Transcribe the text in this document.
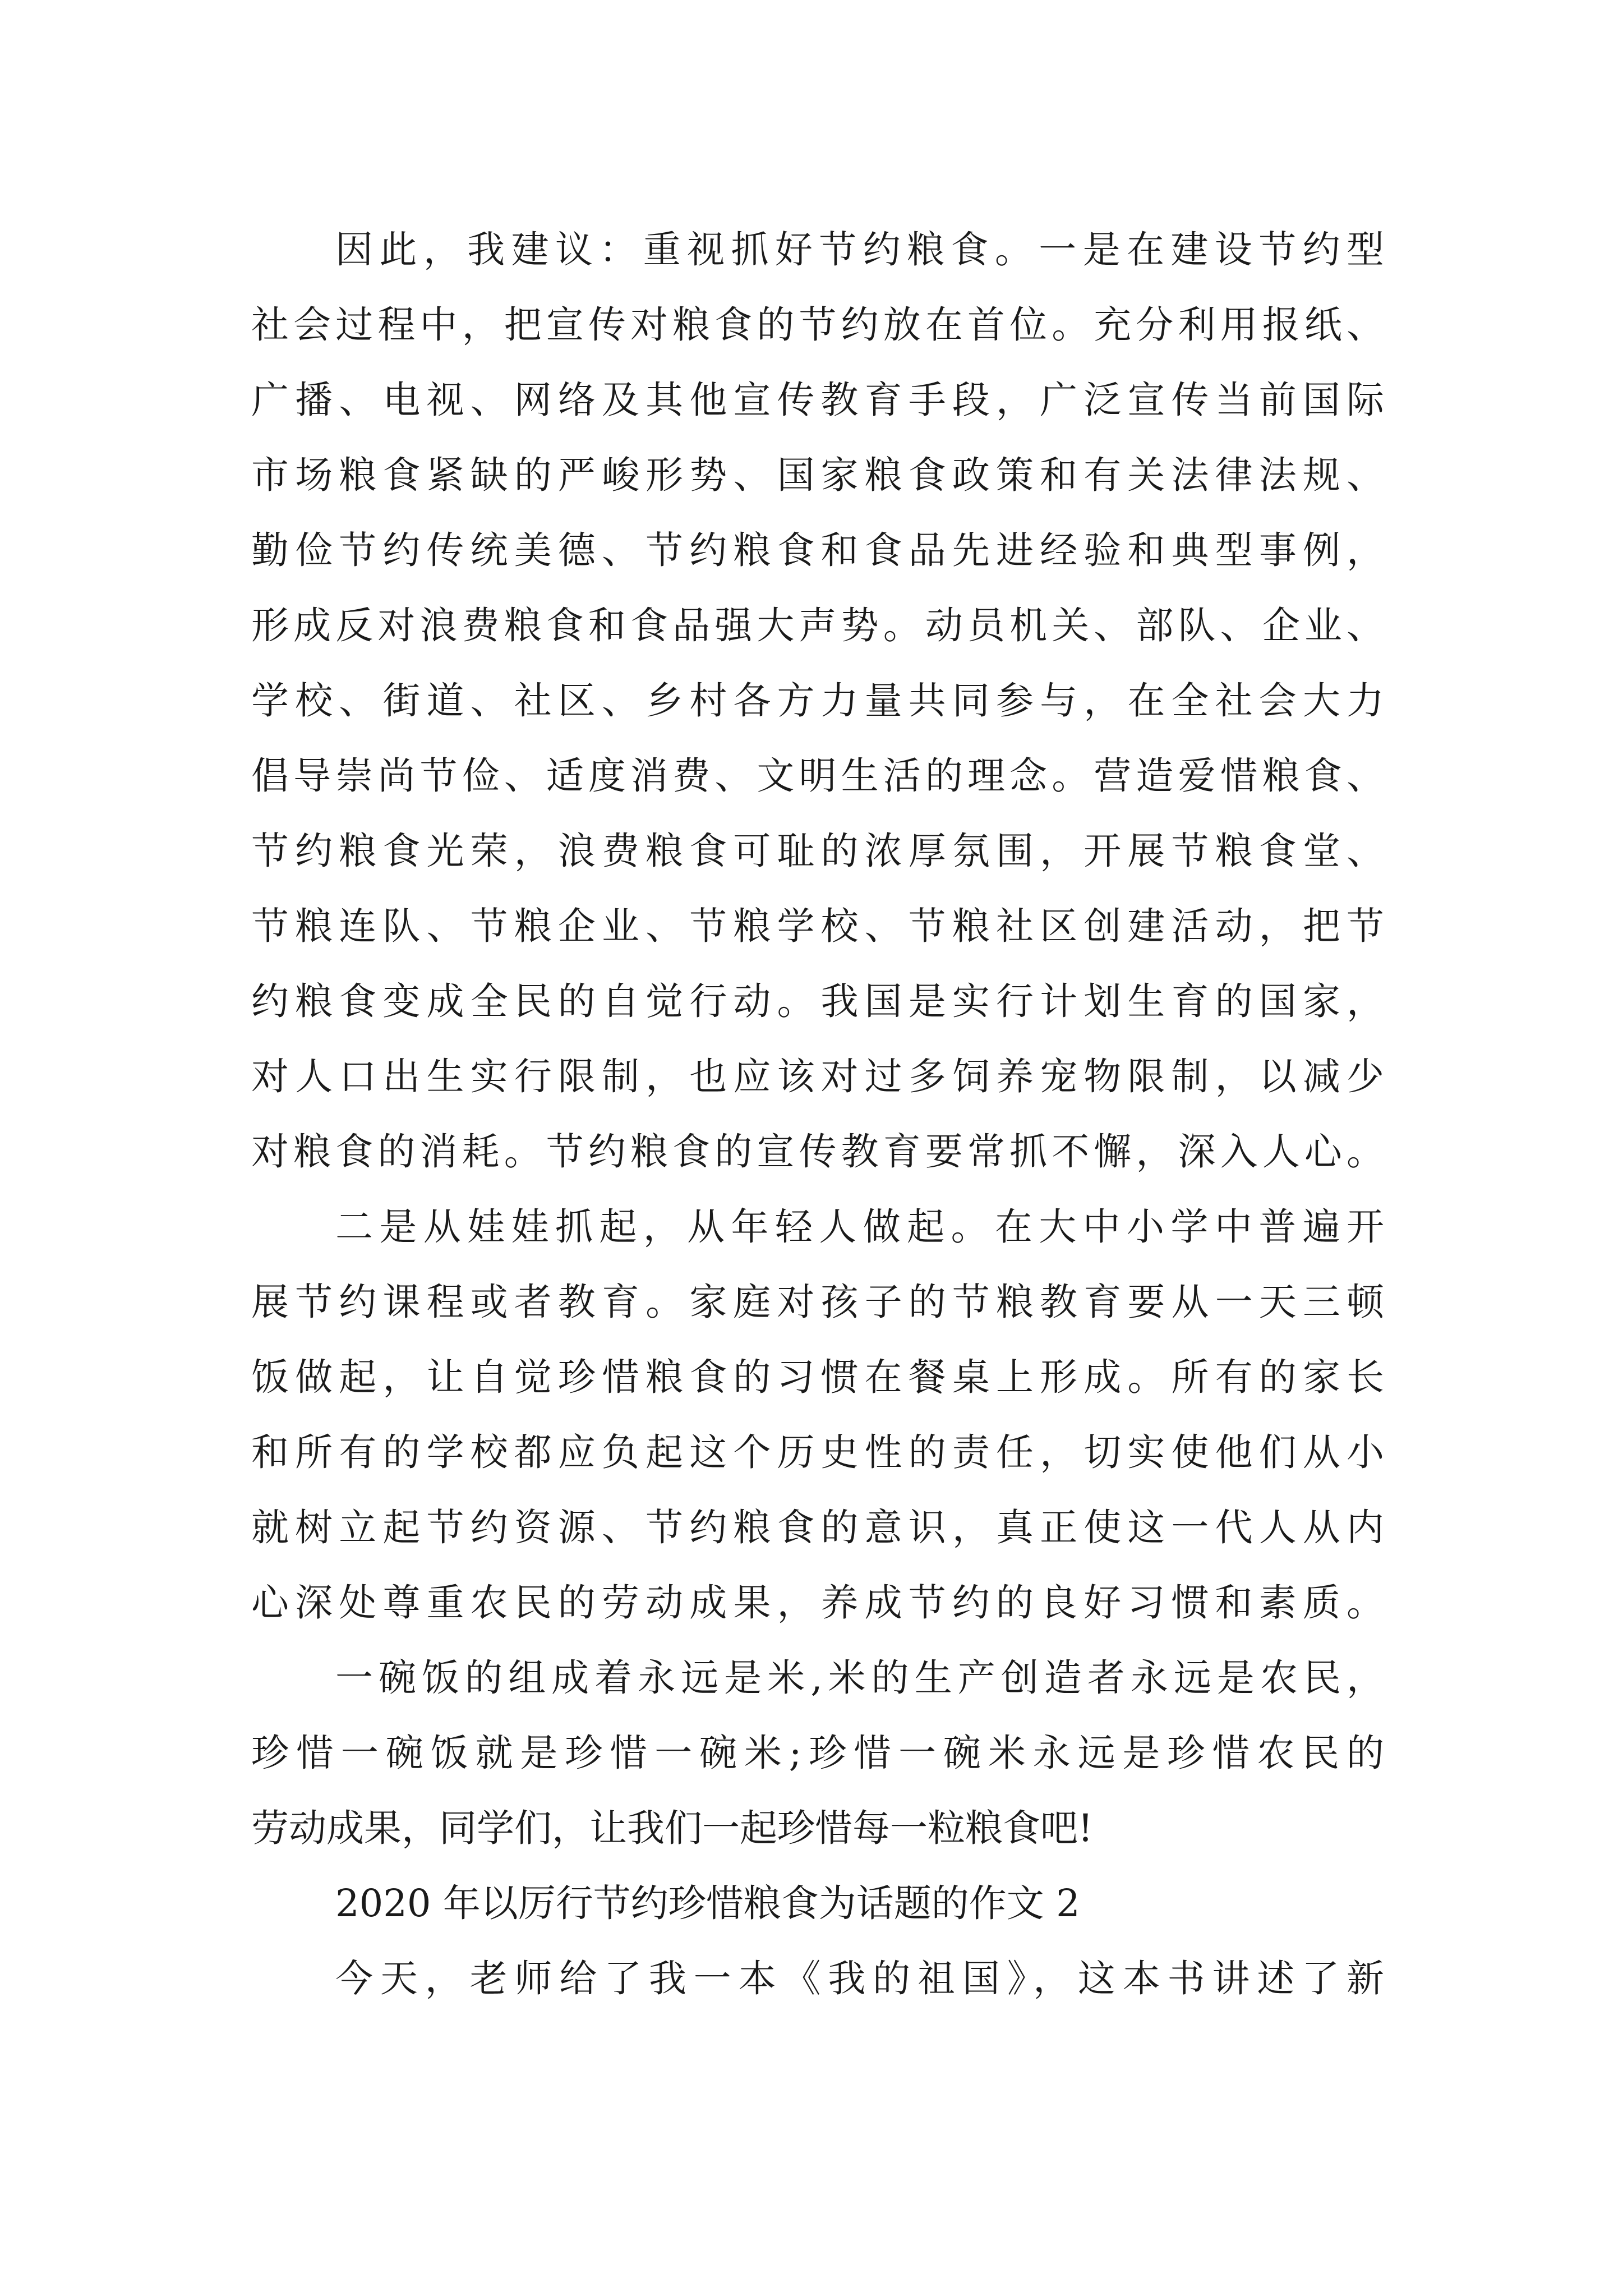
因此，我建议：重视抓好节约粮食。一是在建设节约型
社会过程中，把宣传对粮食的节约放在首位。充分利用报纸、
广播、电视、网络及其他宣传教育手段，广泛宣传当前国际
市场粮食紧缺的严峻形势、国家粮食政策和有关法律法规、
勤俭节约传统美德、节约粮食和食品先进经验和典型事例，
形成反对浪费粮食和食品强大声势。动员机关、部队、企业、
学校、街道、社区、乡村各方力量共同参与，在全社会大力
倡导崇尚节俭、适度消费、文明生活的理念。营造爱惜粮食、
节约粮食光荣，浪费粮食可耻的浓厚氛围，开展节粮食堂、
节粮连队、节粮企业、节粮学校、节粮社区创建活动，把节
约粮食变成全民的自觉行动。我国是实行计划生育的国家，
对人口出生实行限制，也应该对过多饲养宠物限制，以减少
对粮食的消耗。节约粮食的宣传教育要常抓不懈，深入人心。
二是从娃娃抓起，从年轻人做起。在大中小学中普遍开
展节约课程或者教育。家庭对孩子的节粮教育要从一天三顿
饭做起，让自觉珍惜粮食的习惯在餐桌上形成。所有的家长
和所有的学校都应负起这个历史性的责任，切实使他们从小
就树立起节约资源、节约粮食的意识，真正使这一代人从内
心深处尊重农民的劳动成果，养成节约的良好习惯和素质。
一碗饭的组成着永远是米,米的生产创造者永远是农民，
珍惜一碗饭就是珍惜一碗米;珍惜一碗米永远是珍惜农民的
劳动成果，同学们，让我们一起珍惜每一粒粮食吧!
2020 年以厉行节约珍惜粮食为话题的作文 2
今天，老师给了我一本《我的祖国》，这本书讲述了新
